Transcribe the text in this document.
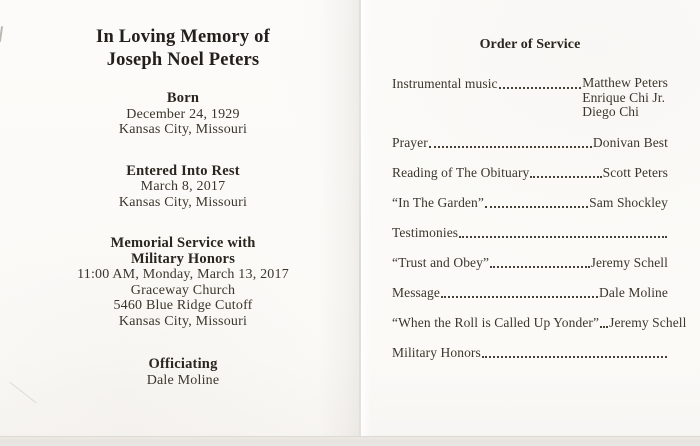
In Loving Memory of
Joseph Noel Peters
Born
December 24, 1929
Kansas City, Missouri
Entered Into Rest
March 8, 2017
Kansas City, Missouri
Memorial Service with
Military Honors
11:00 AM, Monday, March 13, 2017
Graceway Church
5460 Blue Ridge Cutoff
Kansas City, Missouri
Officiating
Dale Moline
Order of Service
Instrumental music	Matthew Peters
Enrique Chi Jr.
Diego Chi
Prayer	Donivan Best
Reading of The Obituary	Scott Peters
“In The Garden”	Sam Shockley
Testimonies
“Trust and Obey”	Jeremy Schell
Message	Dale Moline
“When the Roll is Called Up Yonder” Jeremy Schell
Military Honors
